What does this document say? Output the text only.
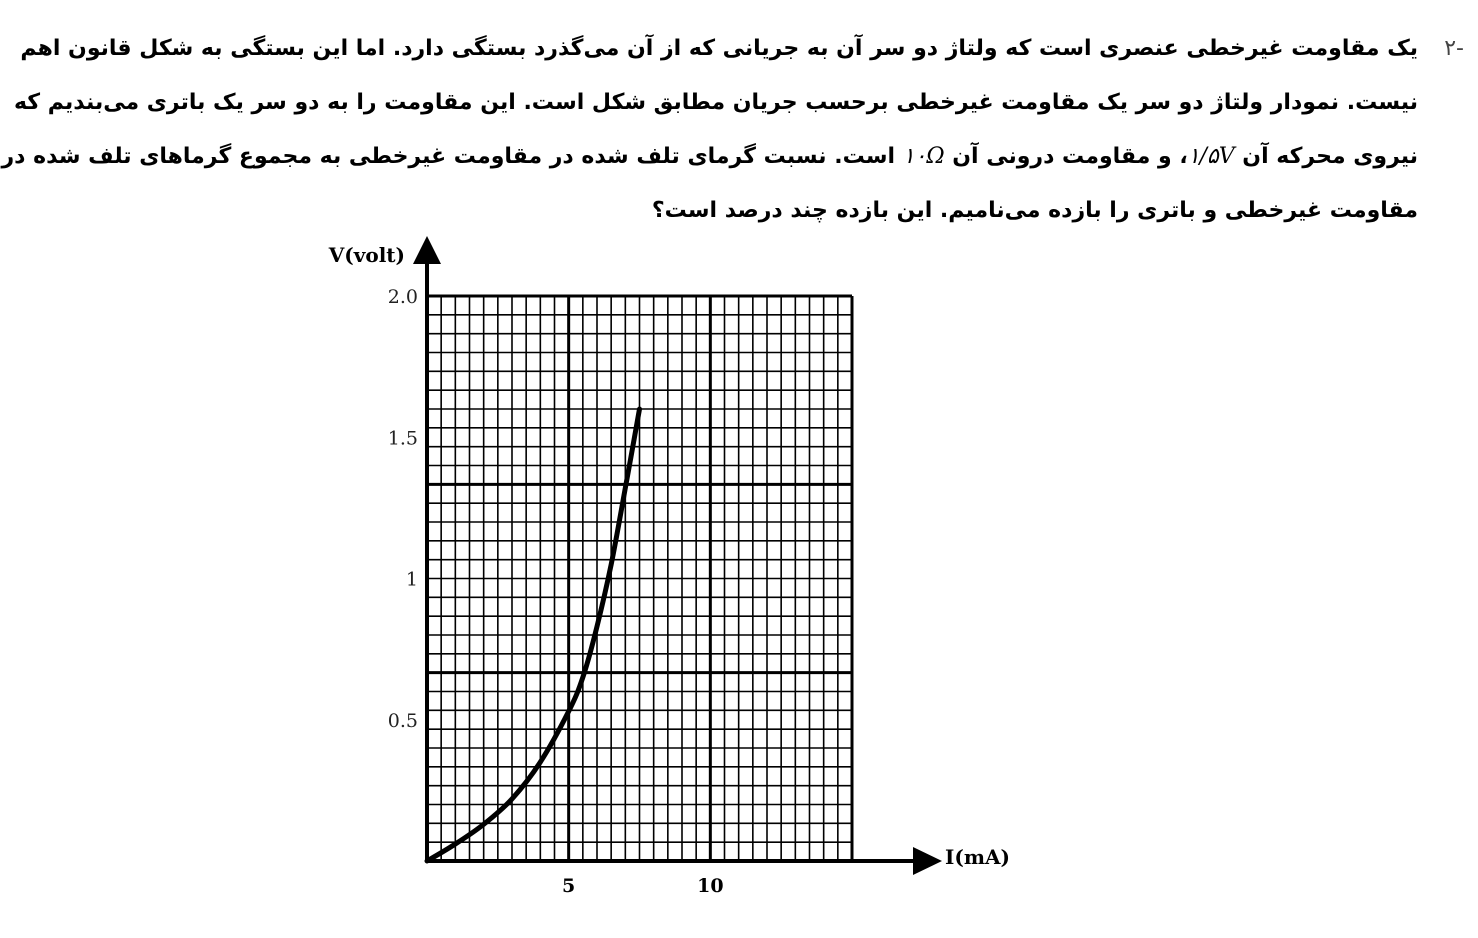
۲-
یک مقاومت غیرخطی عنصری است که ولتاژ دو سر آن به جریانی که از آن می‌گذرد بستگی دارد. اما این بستگی به شکل قانون اهم
نیست. نمودار ولتاژ دو سر یک مقاومت غیرخطی برحسب جریان مطابق شکل است. این مقاومت را به دو سر یک باتری می‌بندیم که
نیروی محرکه آن ۱/۵V، و مقاومت درونی آن ۱۰Ω است. نسبت گرمای تلف شده در مقاومت غیرخطی به مجموع گرماهای تلف شده در
مقاومت غیرخطی و باتری را بازده می‌نامیم. این بازده چند درصد است؟
V(volt)
I(mA)
0.5
1
1.5
2.0
5	10
